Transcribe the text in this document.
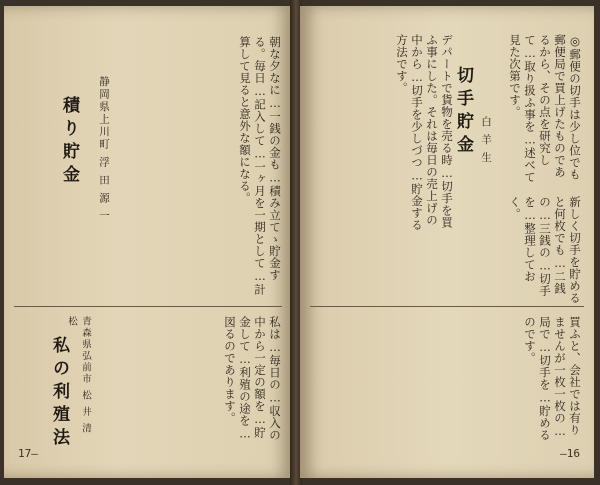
朝な夕なに…一銭の金も…積み立てゝ貯金する。毎日…記入して…一ヶ月を一期として…計算して見ると意外な額になる。
積り貯金 静岡県上川町 浮 田 源 一
私は…毎日の…収入の中から一定の額を…貯金して…利殖の途を…図るのであります。
私の利殖法	青森県弘前市 松 井 清 松
17—
◎郵便の切手は少し位でも郵便局で買上げたものであるから、その点を研究して…取り扱ふ事を…述べて見た次第です。
切手貯金 白 羊 生
デパートで貨物を売る時…切手を買ふ事にした。それは毎日の売上げの中から…切手を少しづつ…貯金する方法です。
新しく切手を貯めると何枚でも…二銭の…三銭の…切手を…整理しておく。
買ふと、会社では有りませんが一枚一枚の…局で…切手を…貯めるのです。
—16
